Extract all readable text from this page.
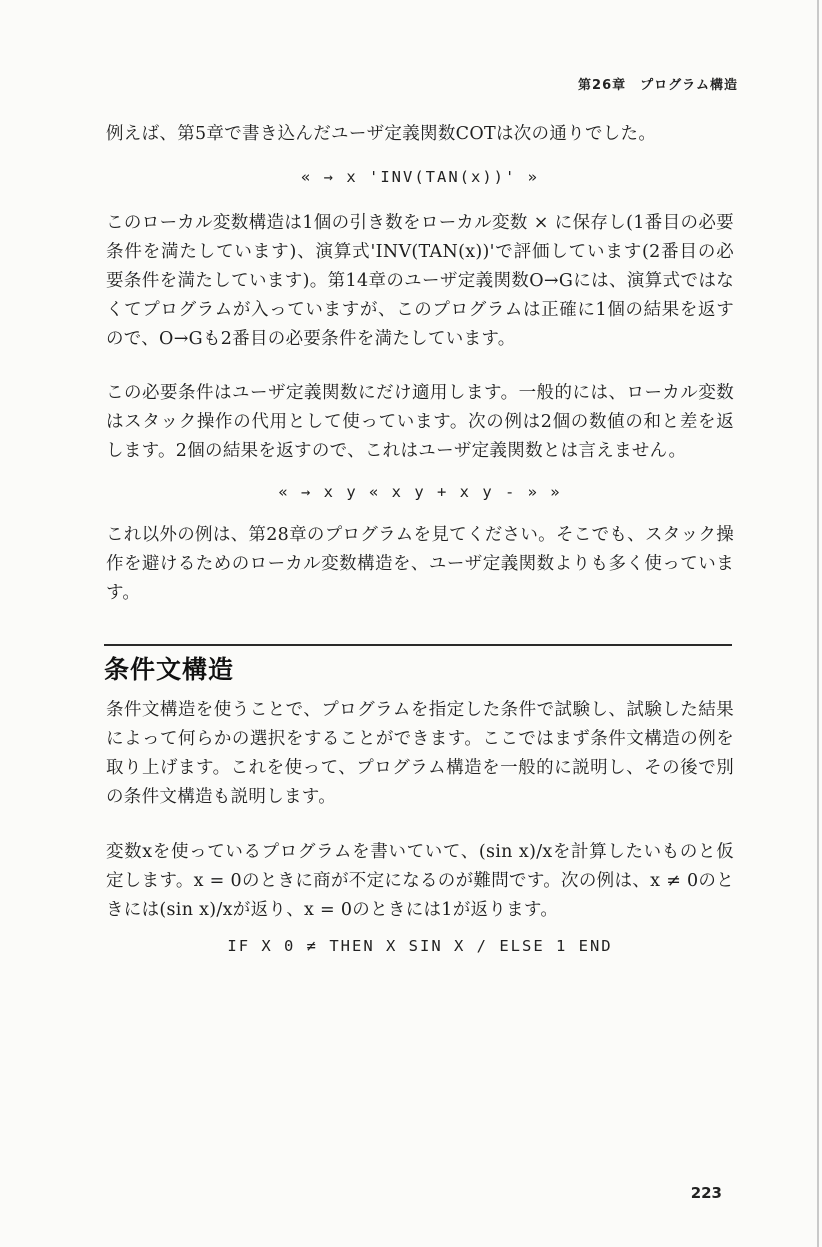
第26章　プログラム構造

例えば、第5章で書き込んだユーザ定義関数COTは次の通りでした。

« → x 'INV(TAN(x))' »

このローカル変数構造は1個の引き数をローカル変数 × に保存し(1番目の必要条件を満たしています)、演算式'INV(TAN(x))'で評価しています(2番目の必要条件を満たしています)。第14章のユーザ定義関数O→Gには、演算式ではなくてプログラムが入っていますが、このプログラムは正確に1個の結果を返すので、O→Gも2番目の必要条件を満たしています。

この必要条件はユーザ定義関数にだけ適用します。一般的には、ローカル変数はスタック操作の代用として使っています。次の例は2個の数値の和と差を返します。2個の結果を返すので、これはユーザ定義関数とは言えません。

« → x y « x y + x y - » »

これ以外の例は、第28章のプログラムを見てください。そこでも、スタック操作を避けるためのローカル変数構造を、ユーザ定義関数よりも多く使っています。

条件文構造

条件文構造を使うことで、プログラムを指定した条件で試験し、試験した結果によって何らかの選択をすることができます。ここではまず条件文構造の例を取り上げます。これを使って、プログラム構造を一般的に説明し、その後で別の条件文構造も説明します。

変数xを使っているプログラムを書いていて、(sin x)/xを計算したいものと仮定します。x = 0のときに商が不定になるのが難問です。次の例は、x ≠ 0のときには(sin x)/xが返り、x = 0のときには1が返ります。

IF X 0 ≠ THEN X SIN X / ELSE 1 END
223
